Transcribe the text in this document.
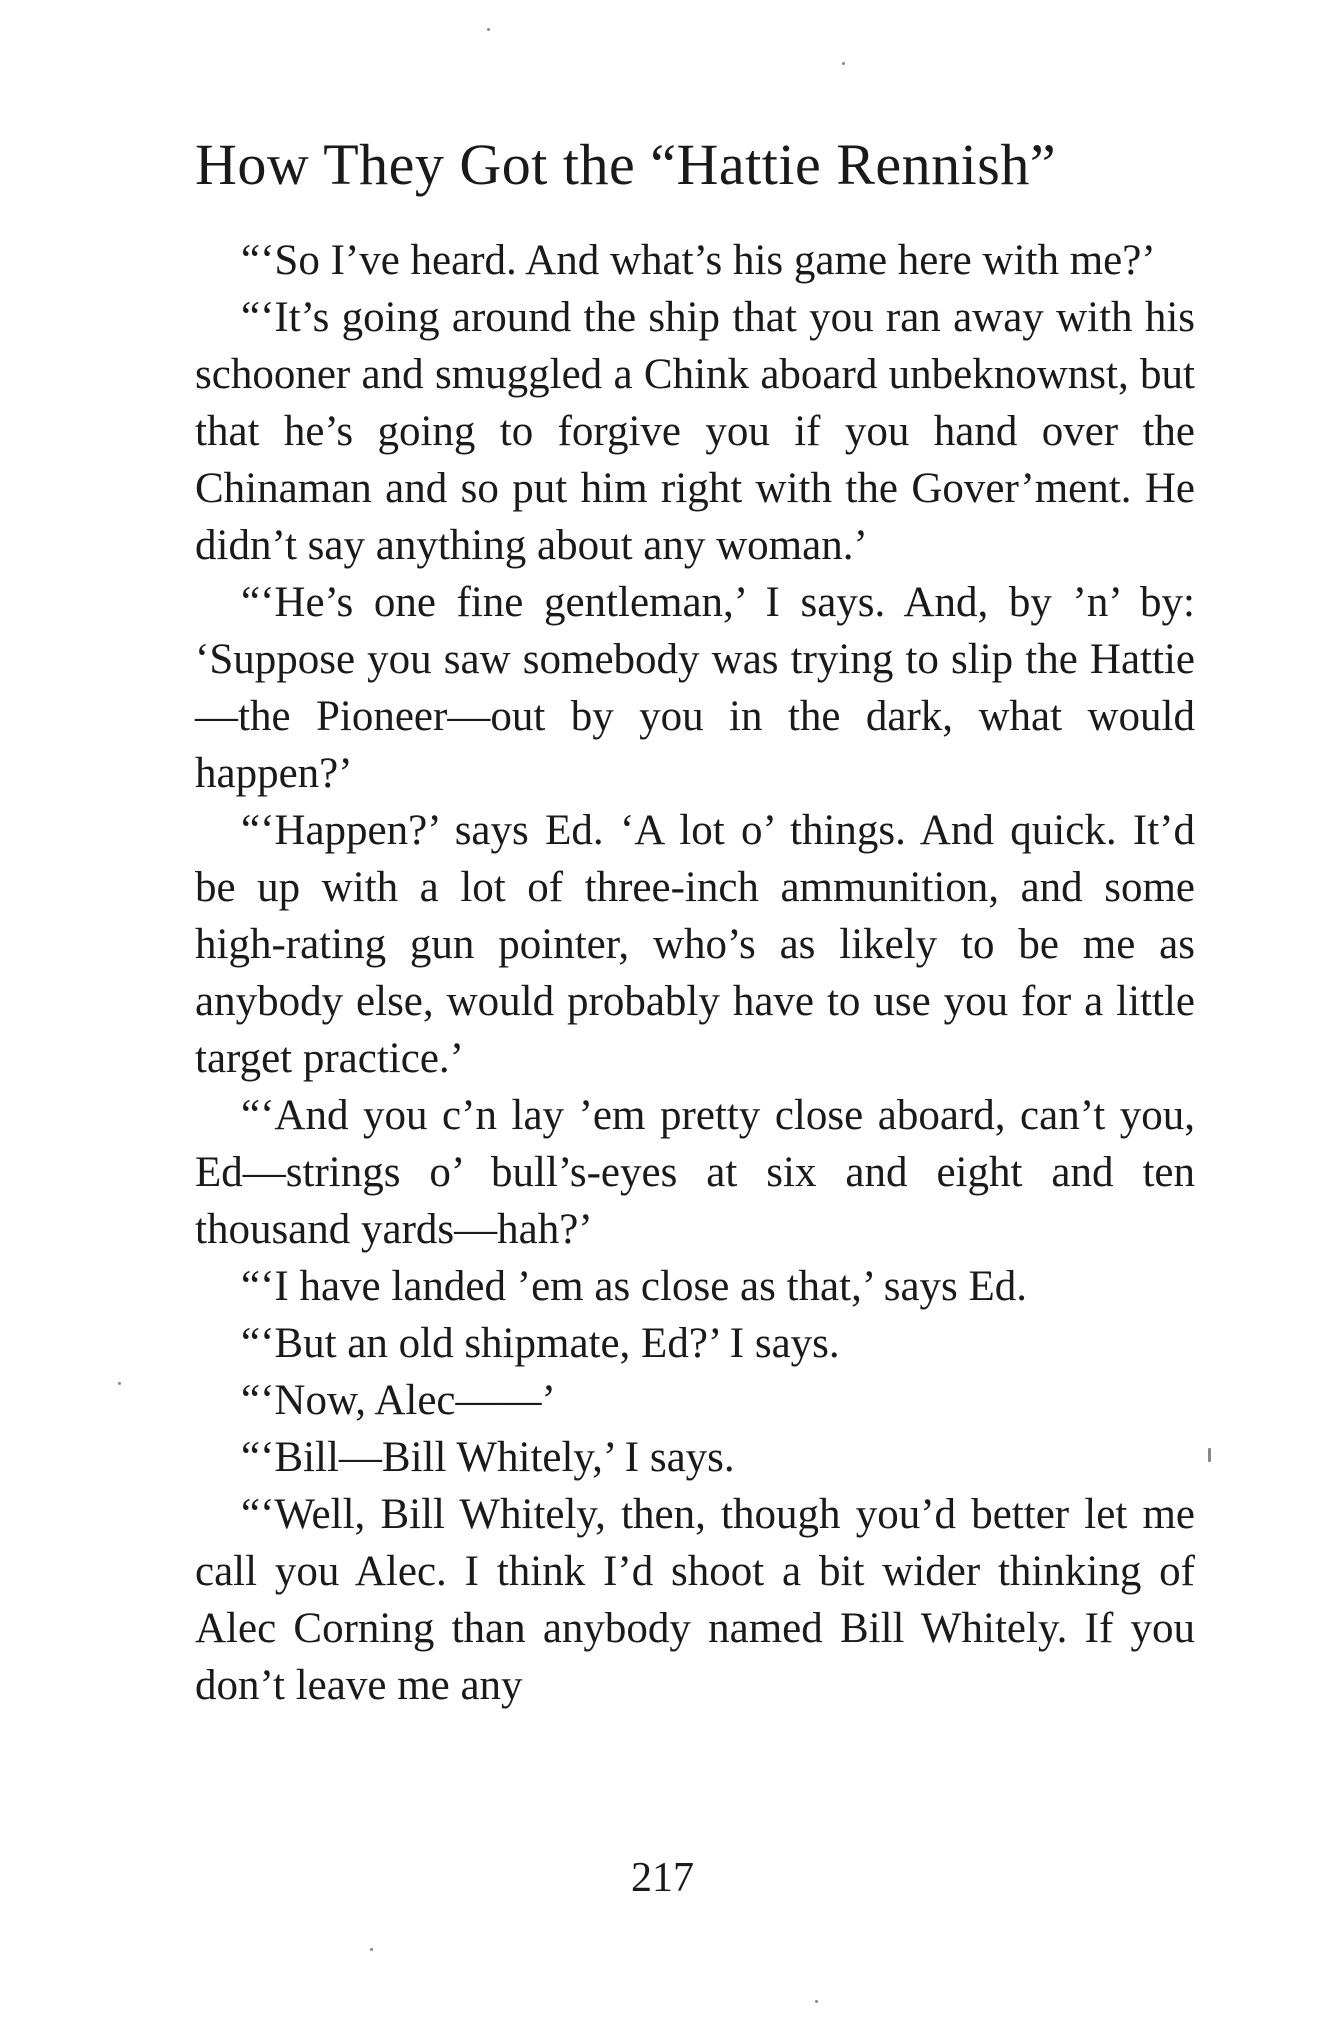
How They Got the “Hattie Rennish”

“‘So I’ve heard. And what’s his game here with me?’

“‘It’s going around the ship that you ran away with his schooner and smuggled a Chink aboard unbeknownst, but that he’s going to forgive you if you hand over the Chinaman and so put him right with the Gover’ment. He didn’t say anything about any woman.’

“‘He’s one fine gentleman,’ I says. And, by ’n’ by: ‘Suppose you saw somebody was trying to slip the Hattie—the Pioneer—out by you in the dark, what would happen?’

“‘Happen?’ says Ed. ‘A lot o’ things. And quick. It’d be up with a lot of three-inch ammunition, and some high-rating gun pointer, who’s as likely to be me as anybody else, would probably have to use you for a little target practice.’

“‘And you c’n lay ’em pretty close aboard, can’t you, Ed—strings o’ bull’s-eyes at six and eight and ten thousand yards—hah?’

“‘I have landed ’em as close as that,’ says Ed.

“‘But an old shipmate, Ed?’ I says.

“‘Now, Alec——’

“‘Bill—Bill Whitely,’ I says.

“‘Well, Bill Whitely, then, though you’d better let me call you Alec. I think I’d shoot a bit wider thinking of Alec Corning than anybody named Bill Whitely. If you don’t leave me any

217
